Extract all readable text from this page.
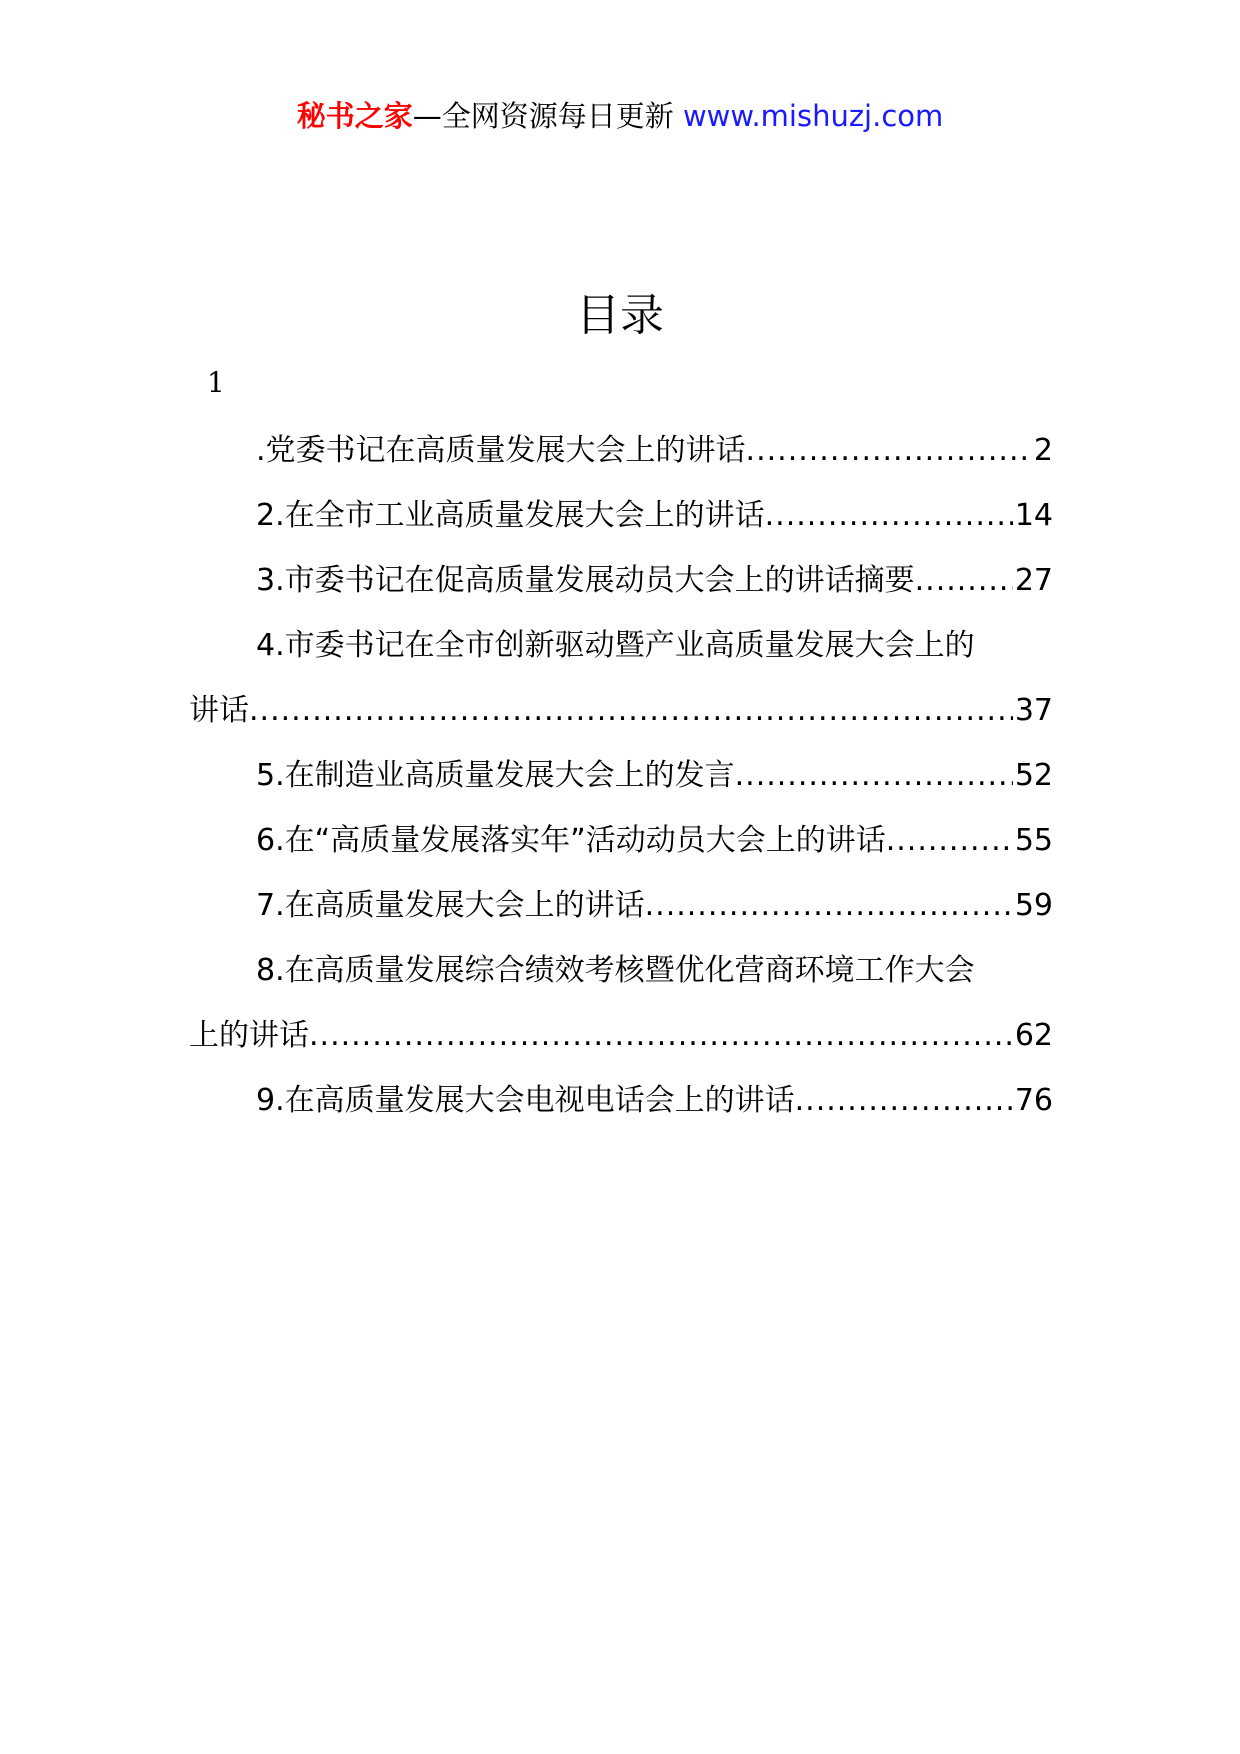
秘书之家—全网资源每日更新 www.mishuzj.com
目录
1
.党委书记在高质量发展大会上的讲话 .....	2
2.在全市工业高质量发展大会上的讲话 .....	14
3.市委书记在促高质量发展动员大会上的讲话摘要 .....	27
4.市委书记在全市创新驱动暨产业高质量发展大会上的
讲话 .....	37
5.在制造业高质量发展大会上的发言 .....	52
6.在“高质量发展落实年”活动动员大会上的讲话 .....	55
7.在高质量发展大会上的讲话 .....	59
8.在高质量发展综合绩效考核暨优化营商环境工作大会
上的讲话 .....	62
9.在高质量发展大会电视电话会上的讲话 .....	76
